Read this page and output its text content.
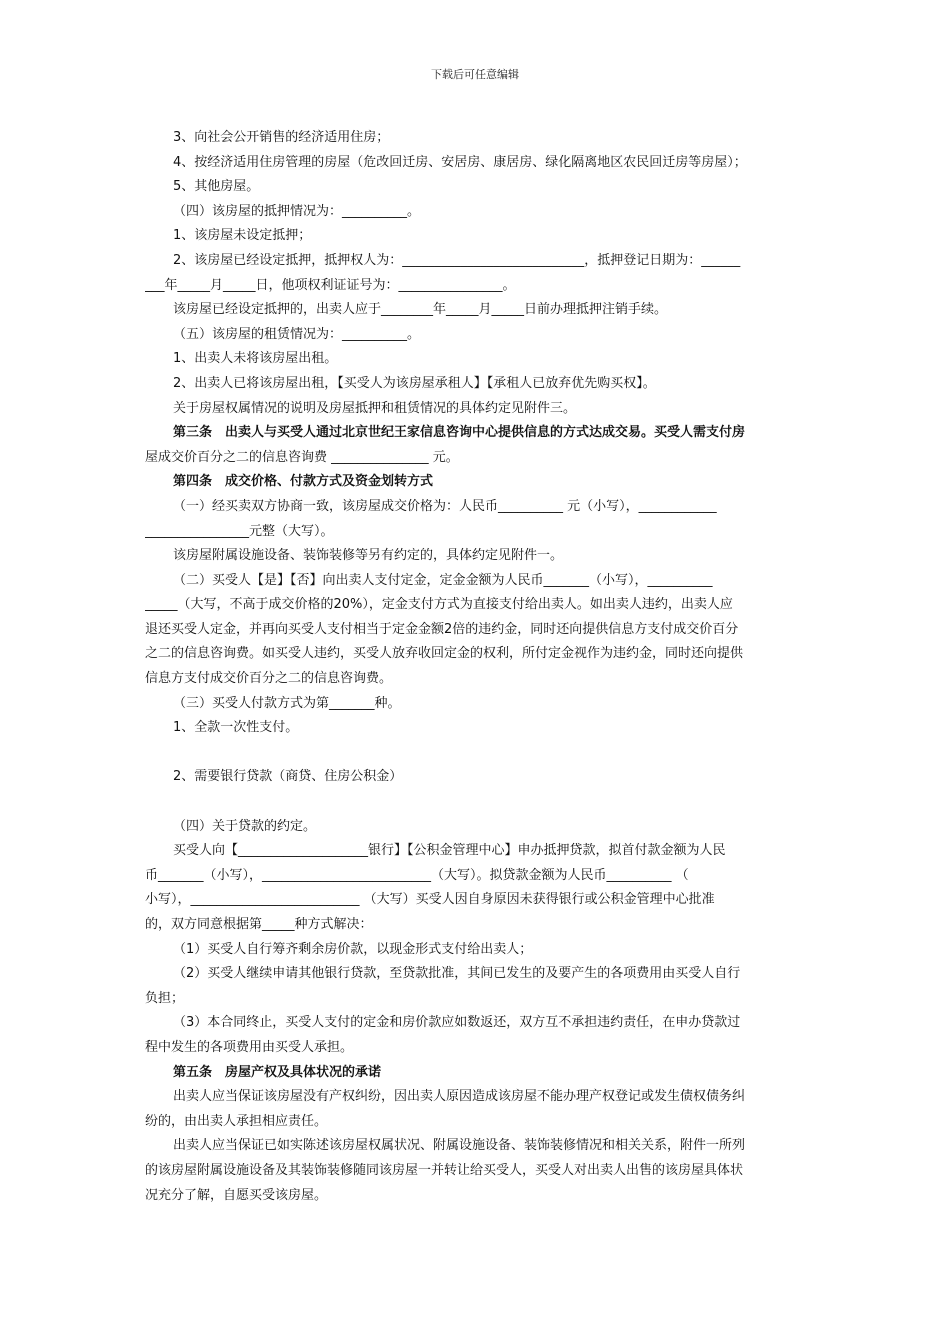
下载后可任意编辑
3、向社会公开销售的经济适用住房；
4、按经济适用住房管理的房屋（危改回迁房、安居房、康居房、绿化隔离地区农民回迁房等房屋）；
5、其他房屋。
（四）该房屋的抵押情况为：__________。
1、该房屋未设定抵押；
2、该房屋已经设定抵押，抵押权人为：____________________________，抵押登记日期为：______
___年_____月_____日，他项权利证证号为：________________。
该房屋已经设定抵押的，出卖人应于________年_____月_____日前办理抵押注销手续。
（五）该房屋的租赁情况为：__________。
1、出卖人未将该房屋出租。
2、出卖人已将该房屋出租，【买受人为该房屋承租人】【承租人已放弃优先购买权】。
关于房屋权属情况的说明及房屋抵押和租赁情况的具体约定见附件三。
第三条　出卖人与买受人通过北京世纪王家信息咨询中心提供信息的方式达成交易。买受人需支付房
屋成交价百分之二的信息咨询费 _______________ 元。
第四条　成交价格、付款方式及资金划转方式
（一）经买卖双方协商一致，该房屋成交价格为：人民币__________ 元（小写），____________
________________元整（大写）。
该房屋附属设施设备、装饰装修等另有约定的，具体约定见附件一。
（二）买受人【是】【否】向出卖人支付定金，定金金额为人民币_______（小写），__________
_____（大写，不高于成交价格的20%），定金支付方式为直接支付给出卖人。如出卖人违约，出卖人应
退还买受人定金，并再向买受人支付相当于定金金额2倍的违约金，同时还向提供信息方支付成交价百分
之二的信息咨询费。如买受人违约，买受人放弃收回定金的权利，所付定金视作为违约金，同时还向提供
信息方支付成交价百分之二的信息咨询费。
（三）买受人付款方式为第_______种。
1、全款一次性支付。
2、需要银行贷款（商贷、住房公积金）
（四）关于贷款的约定。
买受人向【____________________银行】【公积金管理中心】申办抵押贷款，拟首付款金额为人民
币_______（小写），__________________________（大写）。拟贷款金额为人民币__________ （
小写），__________________________ （大写）买受人因自身原因未获得银行或公积金管理中心批准
的，双方同意根据第_____种方式解决：
（1）买受人自行筹齐剩余房价款，以现金形式支付给出卖人；
（2）买受人继续申请其他银行贷款，至贷款批准，其间已发生的及要产生的各项费用由买受人自行
负担；
（3）本合同终止，买受人支付的定金和房价款应如数返还，双方互不承担违约责任，在申办贷款过
程中发生的各项费用由买受人承担。
第五条　房屋产权及具体状况的承诺
出卖人应当保证该房屋没有产权纠纷，因出卖人原因造成该房屋不能办理产权登记或发生债权债务纠
纷的，由出卖人承担相应责任。
出卖人应当保证已如实陈述该房屋权属状况、附属设施设备、装饰装修情况和相关关系，附件一所列
的该房屋附属设施设备及其装饰装修随同该房屋一并转让给买受人，买受人对出卖人出售的该房屋具体状
况充分了解，自愿买受该房屋。
